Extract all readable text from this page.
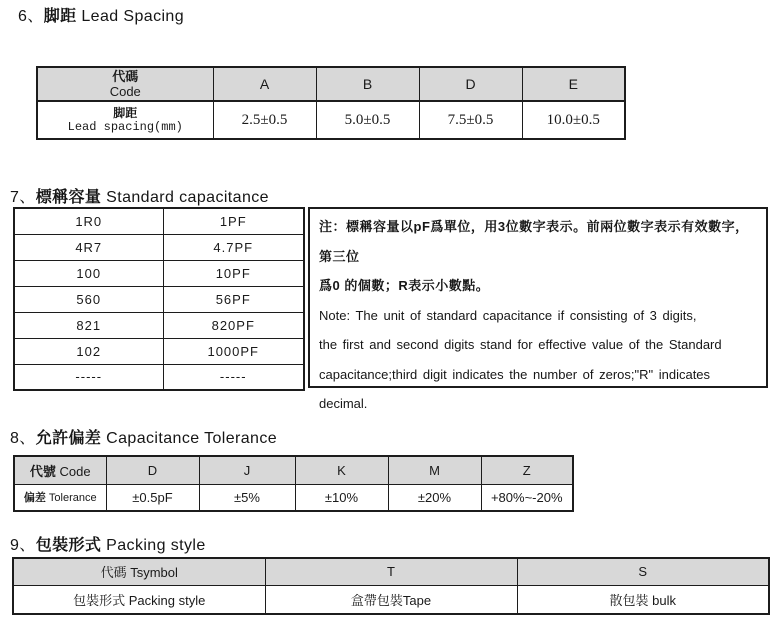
6、脚距 Lead Spacing
代碼
Code	A	B	D	E

脚距
Lead spacing(mm)	2.5±0.5	5.0±0.5	7.5±0.5	10.0±0.5
7、標稱容量 Standard capacitance
1R0	1PF
4R7	4.7PF
100	10PF
560	56PF
821	820PF
102	1000PF
-----	-----
注：標稱容量以pF爲單位，用3位數字表示。前兩位數字表示有效數字，第三位
爲0 的個數；R表示小數點。
Note: The unit of standard capacitance if consisting of 3 digits,
the first and second digits stand for effective value of the Standard
capacitance;third digit indicates the number of zeros;"R" indicates
decimal.
8、允許偏差 Capacitance Tolerance
代號 Code	D	J	K	M	Z
偏差 Tolerance	±0.5pF	±5%	±10%	±20%	+80%~-20%
9、包裝形式 Packing style
代碼 Tsymbol	T	S
包裝形式 Packing style	盒帶包裝Tape	散包裝 bulk
